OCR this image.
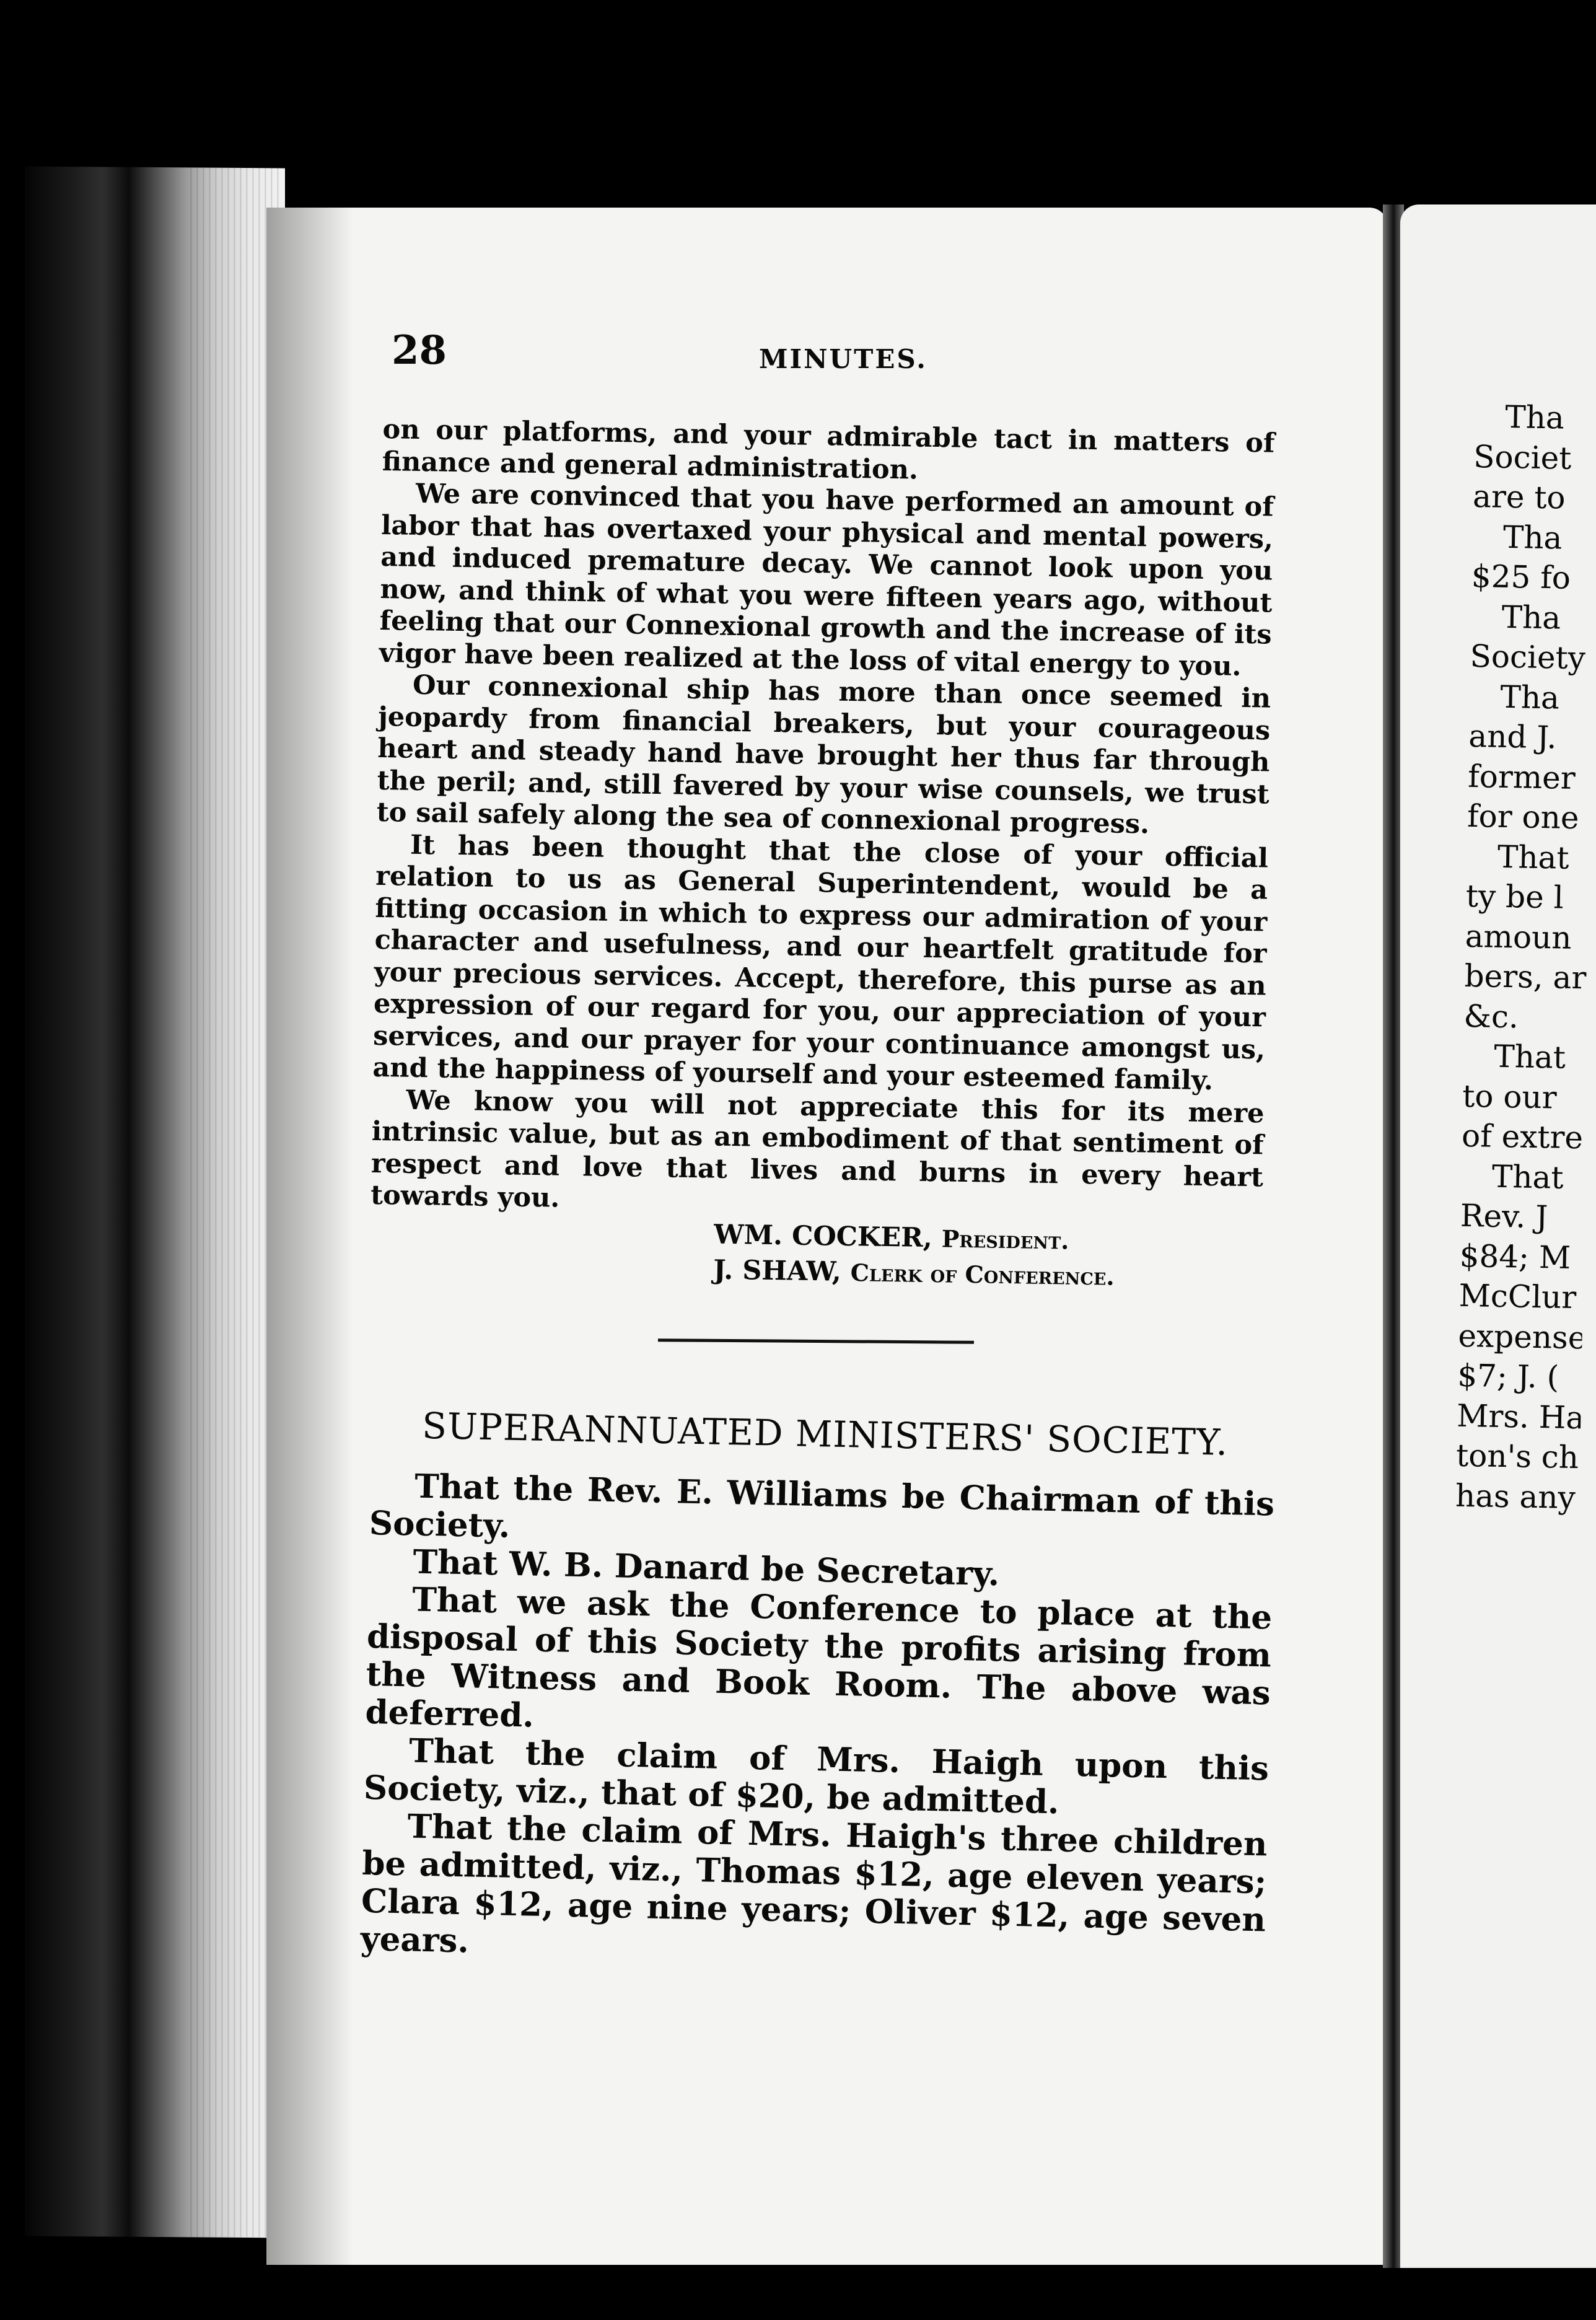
28	MINUTES.

on our platforms, and your admirable tact in matters of finance and general administration.

We are convinced that you have performed an amount of labor that has overtaxed your physical and mental powers, and induced premature decay. We cannot look upon you now, and think of what you were fifteen years ago, without feeling that our Connexional growth and the increase of its vigor have been realized at the loss of vital energy to you.

Our connexional ship has more than once seemed in jeopardy from financial breakers, but your courageous heart and steady hand have brought her thus far through the peril; and, still favered by your wise counsels, we trust to sail safely along the sea of connexional progress.

It has been thought that the close of your official relation to us as General Superintendent, would be a fitting occasion in which to express our admiration of your character and usefulness, and our heartfelt gratitude for your precious services. Accept, therefore, this purse as an expression of our regard for you, our appreciation of your services, and our prayer for your continuance amongst us, and the happiness of yourself and your esteemed family.

We know you will not appreciate this for its mere intrinsic value, but as an embodiment of that sentiment of respect and love that lives and burns in every heart towards you.

WM. COCKER, President.

J. SHAW, Clerk of Conference.

SUPERANNUATED MINISTERS' SOCIETY.

That the Rev. E. Williams be Chairman of this Society.

That W. B. Danard be Secretary.

That we ask the Conference to place at the disposal of this Society the profits arising from the Witness and Book Room. The above was deferred.

That the claim of Mrs. Haigh upon this Society, viz., that of $20, be admitted.

That the claim of Mrs. Haigh's three children be admitted, viz., Thomas $12, age eleven years; Clara $12, age nine years; Oliver $12, age seven years.

Tha
Societ
are to
Tha
$25 fo
Tha
Society
Tha
and J.
former
for one
That
ty be l
amoun
bers, ar
&c.
That
to our
of extre
That
Rev. J
$84; M
McClur
expense
$7; J. (
Mrs. Ha
ton's ch
has any
